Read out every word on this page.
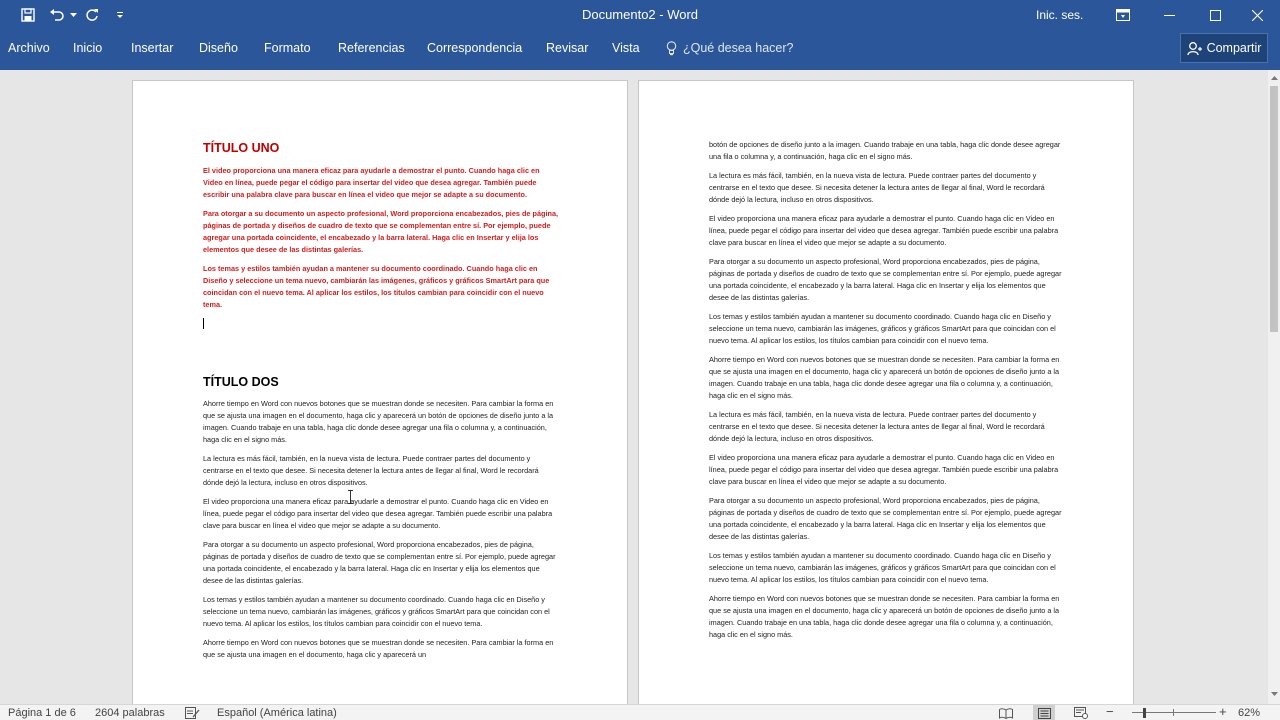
Documento2 - Word	Inic. ses.
Archivo Inicio Insertar Diseño Formato Referencias Correspondencia Revisar Vista	¿Qué desea hacer?	Compartir
TÍTULO UNO
El video proporciona una manera eficaz para ayudarle a demostrar el punto. Cuando haga clic en Video en línea, puede pegar el código para insertar del video que desea agregar. También puede escribir una palabra clave para buscar en línea el video que mejor se adapte a su documento.
Para otorgar a su documento un aspecto profesional, Word proporciona encabezados, pies de página, páginas de portada y diseños de cuadro de texto que se complementan entre sí. Por ejemplo, puede agregar una portada coincidente, el encabezado y la barra lateral. Haga clic en Insertar y elija los elementos que desee de las distintas galerías.
Los temas y estilos también ayudan a mantener su documento coordinado. Cuando haga clic en Diseño y seleccione un tema nuevo, cambiarán las imágenes, gráficos y gráficos SmartArt para que coincidan con el nuevo tema. Al aplicar los estilos, los títulos cambian para coincidir con el nuevo tema.
TÍTULO DOS
Ahorre tiempo en Word con nuevos botones que se muestran donde se necesiten. Para cambiar la forma en que se ajusta una imagen en el documento, haga clic y aparecerá un botón de opciones de diseño junto a la imagen. Cuando trabaje en una tabla, haga clic donde desee agregar una fila o columna y, a continuación, haga clic en el signo más.
La lectura es más fácil, también, en la nueva vista de lectura. Puede contraer partes del documento y centrarse en el texto que desee. Si necesita detener la lectura antes de llegar al final, Word le recordará dónde dejó la lectura, incluso en otros dispositivos.
El video proporciona una manera eficaz para ayudarle a demostrar el punto. Cuando haga clic en Video en línea, puede pegar el código para insertar del video que desea agregar. También puede escribir una palabra clave para buscar en línea el video que mejor se adapte a su documento.
Para otorgar a su documento un aspecto profesional, Word proporciona encabezados, pies de página, páginas de portada y diseños de cuadro de texto que se complementan entre sí. Por ejemplo, puede agregar una portada coincidente, el encabezado y la barra lateral. Haga clic en Insertar y elija los elementos que desee de las distintas galerías.
Los temas y estilos también ayudan a mantener su documento coordinado. Cuando haga clic en Diseño y seleccione un tema nuevo, cambiarán las imágenes, gráficos y gráficos SmartArt para que coincidan con el nuevo tema. Al aplicar los estilos, los títulos cambian para coincidir con el nuevo tema.
Ahorre tiempo en Word con nuevos botones que se muestran donde se necesiten. Para cambiar la forma en que se ajusta una imagen en el documento, haga clic y aparecerá un
botón de opciones de diseño junto a la imagen. Cuando trabaje en una tabla, haga clic donde desee agregar una fila o columna y, a continuación, haga clic en el signo más.
La lectura es más fácil, también, en la nueva vista de lectura. Puede contraer partes del documento y centrarse en el texto que desee. Si necesita detener la lectura antes de llegar al final, Word le recordará dónde dejó la lectura, incluso en otros dispositivos.
El video proporciona una manera eficaz para ayudarle a demostrar el punto. Cuando haga clic en Video en línea, puede pegar el código para insertar del video que desea agregar. También puede escribir una palabra clave para buscar en línea el video que mejor se adapte a su documento.
Para otorgar a su documento un aspecto profesional, Word proporciona encabezados, pies de página, páginas de portada y diseños de cuadro de texto que se complementan entre sí. Por ejemplo, puede agregar una portada coincidente, el encabezado y la barra lateral. Haga clic en Insertar y elija los elementos que desee de las distintas galerías.
Los temas y estilos también ayudan a mantener su documento coordinado. Cuando haga clic en Diseño y seleccione un tema nuevo, cambiarán las imágenes, gráficos y gráficos SmartArt para que coincidan con el nuevo tema. Al aplicar los estilos, los títulos cambian para coincidir con el nuevo tema.
Ahorre tiempo en Word con nuevos botones que se muestran donde se necesiten. Para cambiar la forma en que se ajusta una imagen en el documento, haga clic y aparecerá un botón de opciones de diseño junto a la imagen. Cuando trabaje en una tabla, haga clic donde desee agregar una fila o columna y, a continuación, haga clic en el signo más.
La lectura es más fácil, también, en la nueva vista de lectura. Puede contraer partes del documento y centrarse en el texto que desee. Si necesita detener la lectura antes de llegar al final, Word le recordará dónde dejó la lectura, incluso en otros dispositivos.
El video proporciona una manera eficaz para ayudarle a demostrar el punto. Cuando haga clic en Video en línea, puede pegar el código para insertar del video que desea agregar. También puede escribir una palabra clave para buscar en línea el video que mejor se adapte a su documento.
Para otorgar a su documento un aspecto profesional, Word proporciona encabezados, pies de página, páginas de portada y diseños de cuadro de texto que se complementan entre sí. Por ejemplo, puede agregar una portada coincidente, el encabezado y la barra lateral. Haga clic en Insertar y elija los elementos que desee de las distintas galerías.
Los temas y estilos también ayudan a mantener su documento coordinado. Cuando haga clic en Diseño y seleccione un tema nuevo, cambiarán las imágenes, gráficos y gráficos SmartArt para que coincidan con el nuevo tema. Al aplicar los estilos, los títulos cambian para coincidir con el nuevo tema.
Ahorre tiempo en Word con nuevos botones que se muestran donde se necesiten. Para cambiar la forma en que se ajusta una imagen en el documento, haga clic y aparecerá un botón de opciones de diseño junto a la imagen. Cuando trabaje en una tabla, haga clic donde desee agregar una fila o columna y, a continuación, haga clic en el signo más.
Página 1 de 6 2604 palabras	Español (América latina)	−	+ 62%
